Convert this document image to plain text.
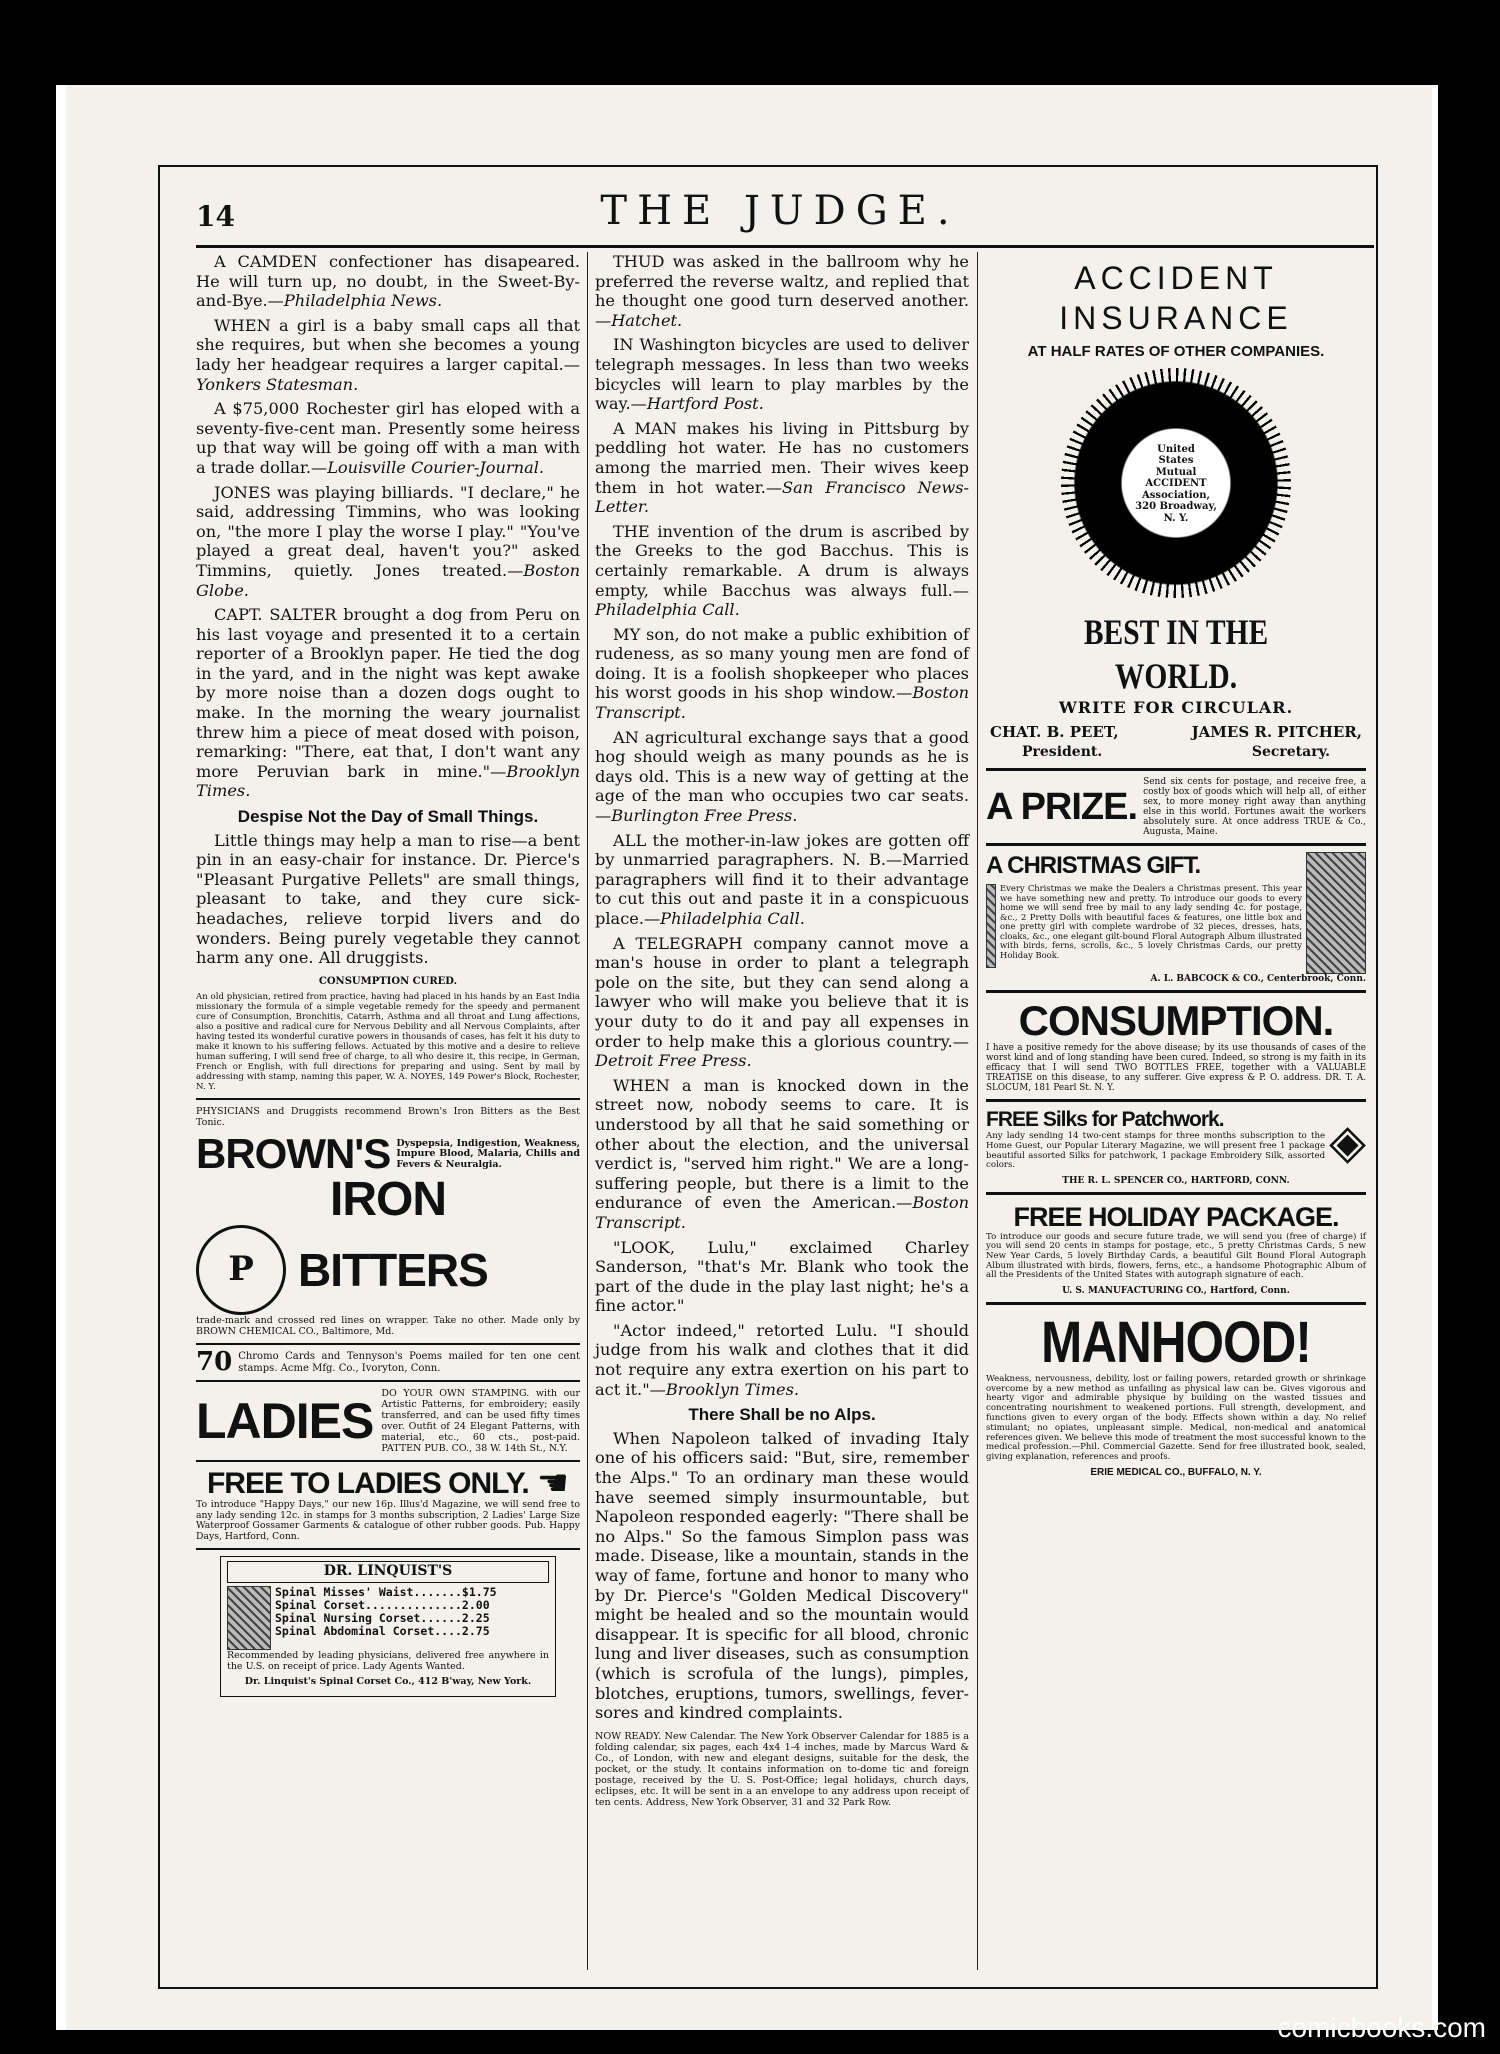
14	THE JUDGE.

A CAMDEN confectioner has disapeared. He will turn up, no doubt, in the Sweet-By-and-Bye.—Philadelphia News.

WHEN a girl is a baby small caps all that she requires, but when she becomes a young lady her headgear requires a larger capital.—Yonkers Statesman.

A $75,000 Rochester girl has eloped with a seventy-five-cent man. Presently some heiress up that way will be going off with a man with a trade dollar.—Louisville Courier-Journal.

JONES was playing billiards. "I declare," he said, addressing Timmins, who was looking on, "the more I play the worse I play." "You've played a great deal, haven't you?" asked Timmins, quietly. Jones treated.—Boston Globe.

CAPT. SALTER brought a dog from Peru on his last voyage and presented it to a certain reporter of a Brooklyn paper. He tied the dog in the yard, and in the night was kept awake by more noise than a dozen dogs ought to make. In the morning the weary journalist threw him a piece of meat dosed with poison, remarking: "There, eat that, I don't want any more Peruvian bark in mine."—Brooklyn Times.

Despise Not the Day of Small Things.

Little things may help a man to rise—a bent pin in an easy-chair for instance. Dr. Pierce's "Pleasant Purgative Pellets" are small things, pleasant to take, and they cure sick-headaches, relieve torpid livers and do wonders. Being purely vegetable they cannot harm any one. All druggists.

CONSUMPTION CURED.

An old physician, retired from practice, having had placed in his hands by an East India missionary the formula of a simple vegetable remedy for the speedy and permanent cure of Consumption, Bronchitis, Catarrh, Asthma and all throat and Lung affections, also a positive and radical cure for Nervous Debility and all Nervous Complaints, after having tested its wonderful curative powers in thousands of cases, has felt it his duty to make it known to his suffering fellows. Actuated by this motive and a desire to relieve human suffering, I will send free of charge, to all who desire it, this recipe, in German, French or English, with full directions for preparing and using. Sent by mail by addressing with stamp, naming this paper, W. A. NOYES, 149 Power's Block, Rochester, N. Y.

PHYSICIANS and Druggists recommend Brown's Iron Bitters as the Best Tonic.

BROWN'S Dyspepsia, Indigestion, Weakness, Impure Blood, Malaria, Chills and Fevers & Neuralgia.
IRON
P BITTERS

trade-mark and crossed red lines on wrapper. Take no other. Made only by BROWN CHEMICAL CO., Baltimore, Md.

70 Chromo Cards and Tennyson's Poems mailed for ten one cent stamps. Acme Mfg. Co., Ivoryton, Conn.
LADIES DO YOUR OWN STAMPING. with our Artistic Patterns, for embroidery; easily transferred, and can be used fifty times over. Outfit of 24 Elegant Patterns, with material, etc., 60 cts., post-paid. PATTEN PUB. CO., 38 W. 14th St., N.Y.
FREE TO LADIES ONLY. ☚

To introduce "Happy Days," our new 16p. Illus'd Magazine, we will send free to any lady sending 12c. in stamps for 3 months subscription, 2 Ladies' Large Size Waterproof Gossamer Garments & catalogue of other rubber goods. Pub. Happy Days, Hartford, Conn.

DR. LINQUIST'S
Spinal Misses' Waist.......$1.75
Spinal Corset..............2.00
Spinal Nursing Corset......2.25
Spinal Abdominal Corset....2.75

Recommended by leading physicians, delivered free anywhere in the U.S. on receipt of price. Lady Agents Wanted.

Dr. Linquist's Spinal Corset Co., 412 B'way, New York.

THUD was asked in the ballroom why he preferred the reverse waltz, and replied that he thought one good turn deserved another.—Hatchet.

IN Washington bicycles are used to deliver telegraph messages. In less than two weeks bicycles will learn to play marbles by the way.—Hartford Post.

A MAN makes his living in Pittsburg by peddling hot water. He has no customers among the married men. Their wives keep them in hot water.—San Francisco News-Letter.

THE invention of the drum is ascribed by the Greeks to the god Bacchus. This is certainly remarkable. A drum is always empty, while Bacchus was always full.—Philadelphia Call.

MY son, do not make a public exhibition of rudeness, as so many young men are fond of doing. It is a foolish shopkeeper who places his worst goods in his shop window.—Boston Transcript.

AN agricultural exchange says that a good hog should weigh as many pounds as he is days old. This is a new way of getting at the age of the man who occupies two car seats.—Burlington Free Press.

ALL the mother-in-law jokes are gotten off by unmarried paragraphers. N. B.—Married paragraphers will find it to their advantage to cut this out and paste it in a conspicuous place.—Philadelphia Call.

A TELEGRAPH company cannot move a man's house in order to plant a telegraph pole on the site, but they can send along a lawyer who will make you believe that it is your duty to do it and pay all expenses in order to help make this a glorious country.—Detroit Free Press.

WHEN a man is knocked down in the street now, nobody seems to care. It is understood by all that he said something or other about the election, and the universal verdict is, "served him right." We are a long-suffering people, but there is a limit to the endurance of even the American.—Boston Transcript.

"LOOK, Lulu," exclaimed Charley Sanderson, "that's Mr. Blank who took the part of the dude in the play last night; he's a fine actor."

"Actor indeed," retorted Lulu. "I should judge from his walk and clothes that it did not require any extra exertion on his part to act it."—Brooklyn Times.

There Shall be no Alps.

When Napoleon talked of invading Italy one of his officers said: "But, sire, remember the Alps." To an ordinary man these would have seemed simply insurmountable, but Napoleon responded eagerly: "There shall be no Alps." So the famous Simplon pass was made. Disease, like a mountain, stands in the way of fame, fortune and honor to many who by Dr. Pierce's "Golden Medical Discovery" might be healed and so the mountain would disappear. It is specific for all blood, chronic lung and liver diseases, such as consumption (which is scrofula of the lungs), pimples, blotches, eruptions, tumors, swellings, fever-sores and kindred complaints.

NOW READY. New Calendar. The New York Observer Calendar for 1885 is a folding calendar, six pages, each 4x4 1-4 inches, made by Marcus Ward & Co., of London, with new and elegant designs, suitable for the desk, the pocket, or the study. It contains information on to-dome tic and foreign postage, received by the U. S. Post-Office; legal holidays, church days, eclipses, etc. It will be sent in a an envelope to any address upon receipt of ten cents. Address, New York Observer, 31 and 32 Park Row.

ACCIDENT
INSURANCE
AT HALF RATES OF OTHER COMPANIES.
United
States
Mutual
ACCIDENT
Association,
320 Broadway,
N. Y.
BEST IN THE WORLD.
WRITE FOR CIRCULAR.
CHAT. B. PEET,	JAMES R. PITCHER,
President.	Secretary.
A PRIZE.
Send six cents for postage, and receive free, a costly box of goods which will help all, of either sex, to more money right away than anything else in this world. Fortunes await the workers absolutely sure. At once address TRUE & Co., Augusta, Maine.
A CHRISTMAS GIFT.

Every Christmas we make the Dealers a Christmas present. This year we have something new and pretty. To introduce our goods to every home we will send free by mail to any lady sending 4c. for postage, &c., 2 Pretty Dolls with beautiful faces & features, one little box and one pretty girl with complete wardrobe of 32 pieces, dresses, hats, cloaks, &c., one elegant gilt-bound Floral Autograph Album illustrated with birds, ferns, scrolls, &c., 5 lovely Christmas Cards, our pretty Holiday Book.

A. L. BABCOCK & CO., Centerbrook, Conn.

CONSUMPTION.

I have a positive remedy for the above disease; by its use thousands of cases of the worst kind and of long standing have been cured. Indeed, so strong is my faith in its efficacy that I will send TWO BOTTLES FREE, together with a VALUABLE TREATISE on this disease, to any sufferer. Give express & P. O. address. DR. T. A. SLOCUM, 181 Pearl St. N. Y.

FREE Silks for Patchwork.

Any lady sending 14 two-cent stamps for three months subscription to the Home Guest, our Popular Literary Magazine, we will present free 1 package beautiful assorted Silks for patchwork, 1 package Embroidery Silk, assorted colors.	◈

THE R. L. SPENCER CO., HARTFORD, CONN.

FREE HOLIDAY PACKAGE.

To introduce our goods and secure future trade, we will send you (free of charge) if you will send 20 cents in stamps for postage, etc., 5 pretty Christmas Cards, 5 new New Year Cards, 5 lovely Birthday Cards, a beautiful Gilt Bound Floral Autograph Album illustrated with birds, flowers, ferns, etc., a handsome Photographic Album of all the Presidents of the United States with autograph signature of each.

U. S. MANUFACTURING CO., Hartford, Conn.

MANHOOD!

Weakness, nervousness, debility, lost or failing powers, retarded growth or shrinkage overcome by a new method as unfailing as physical law can be. Gives vigorous and hearty vigor and admirable physique by building on the wasted tissues and concentrating nourishment to weakened portions. Full strength, development, and functions given to every organ of the body. Effects shown within a day. No relief stimulant; no opiates, unpleasant simple. Medical, non-medical and anatomical references given. We believe this mode of treatment the most successful known to the medical profession.—Phil. Commercial Gazette. Send for free illustrated book, sealed, giving explanation, references and proofs.

ERIE MEDICAL CO., BUFFALO, N. Y.

comicbooks.com
